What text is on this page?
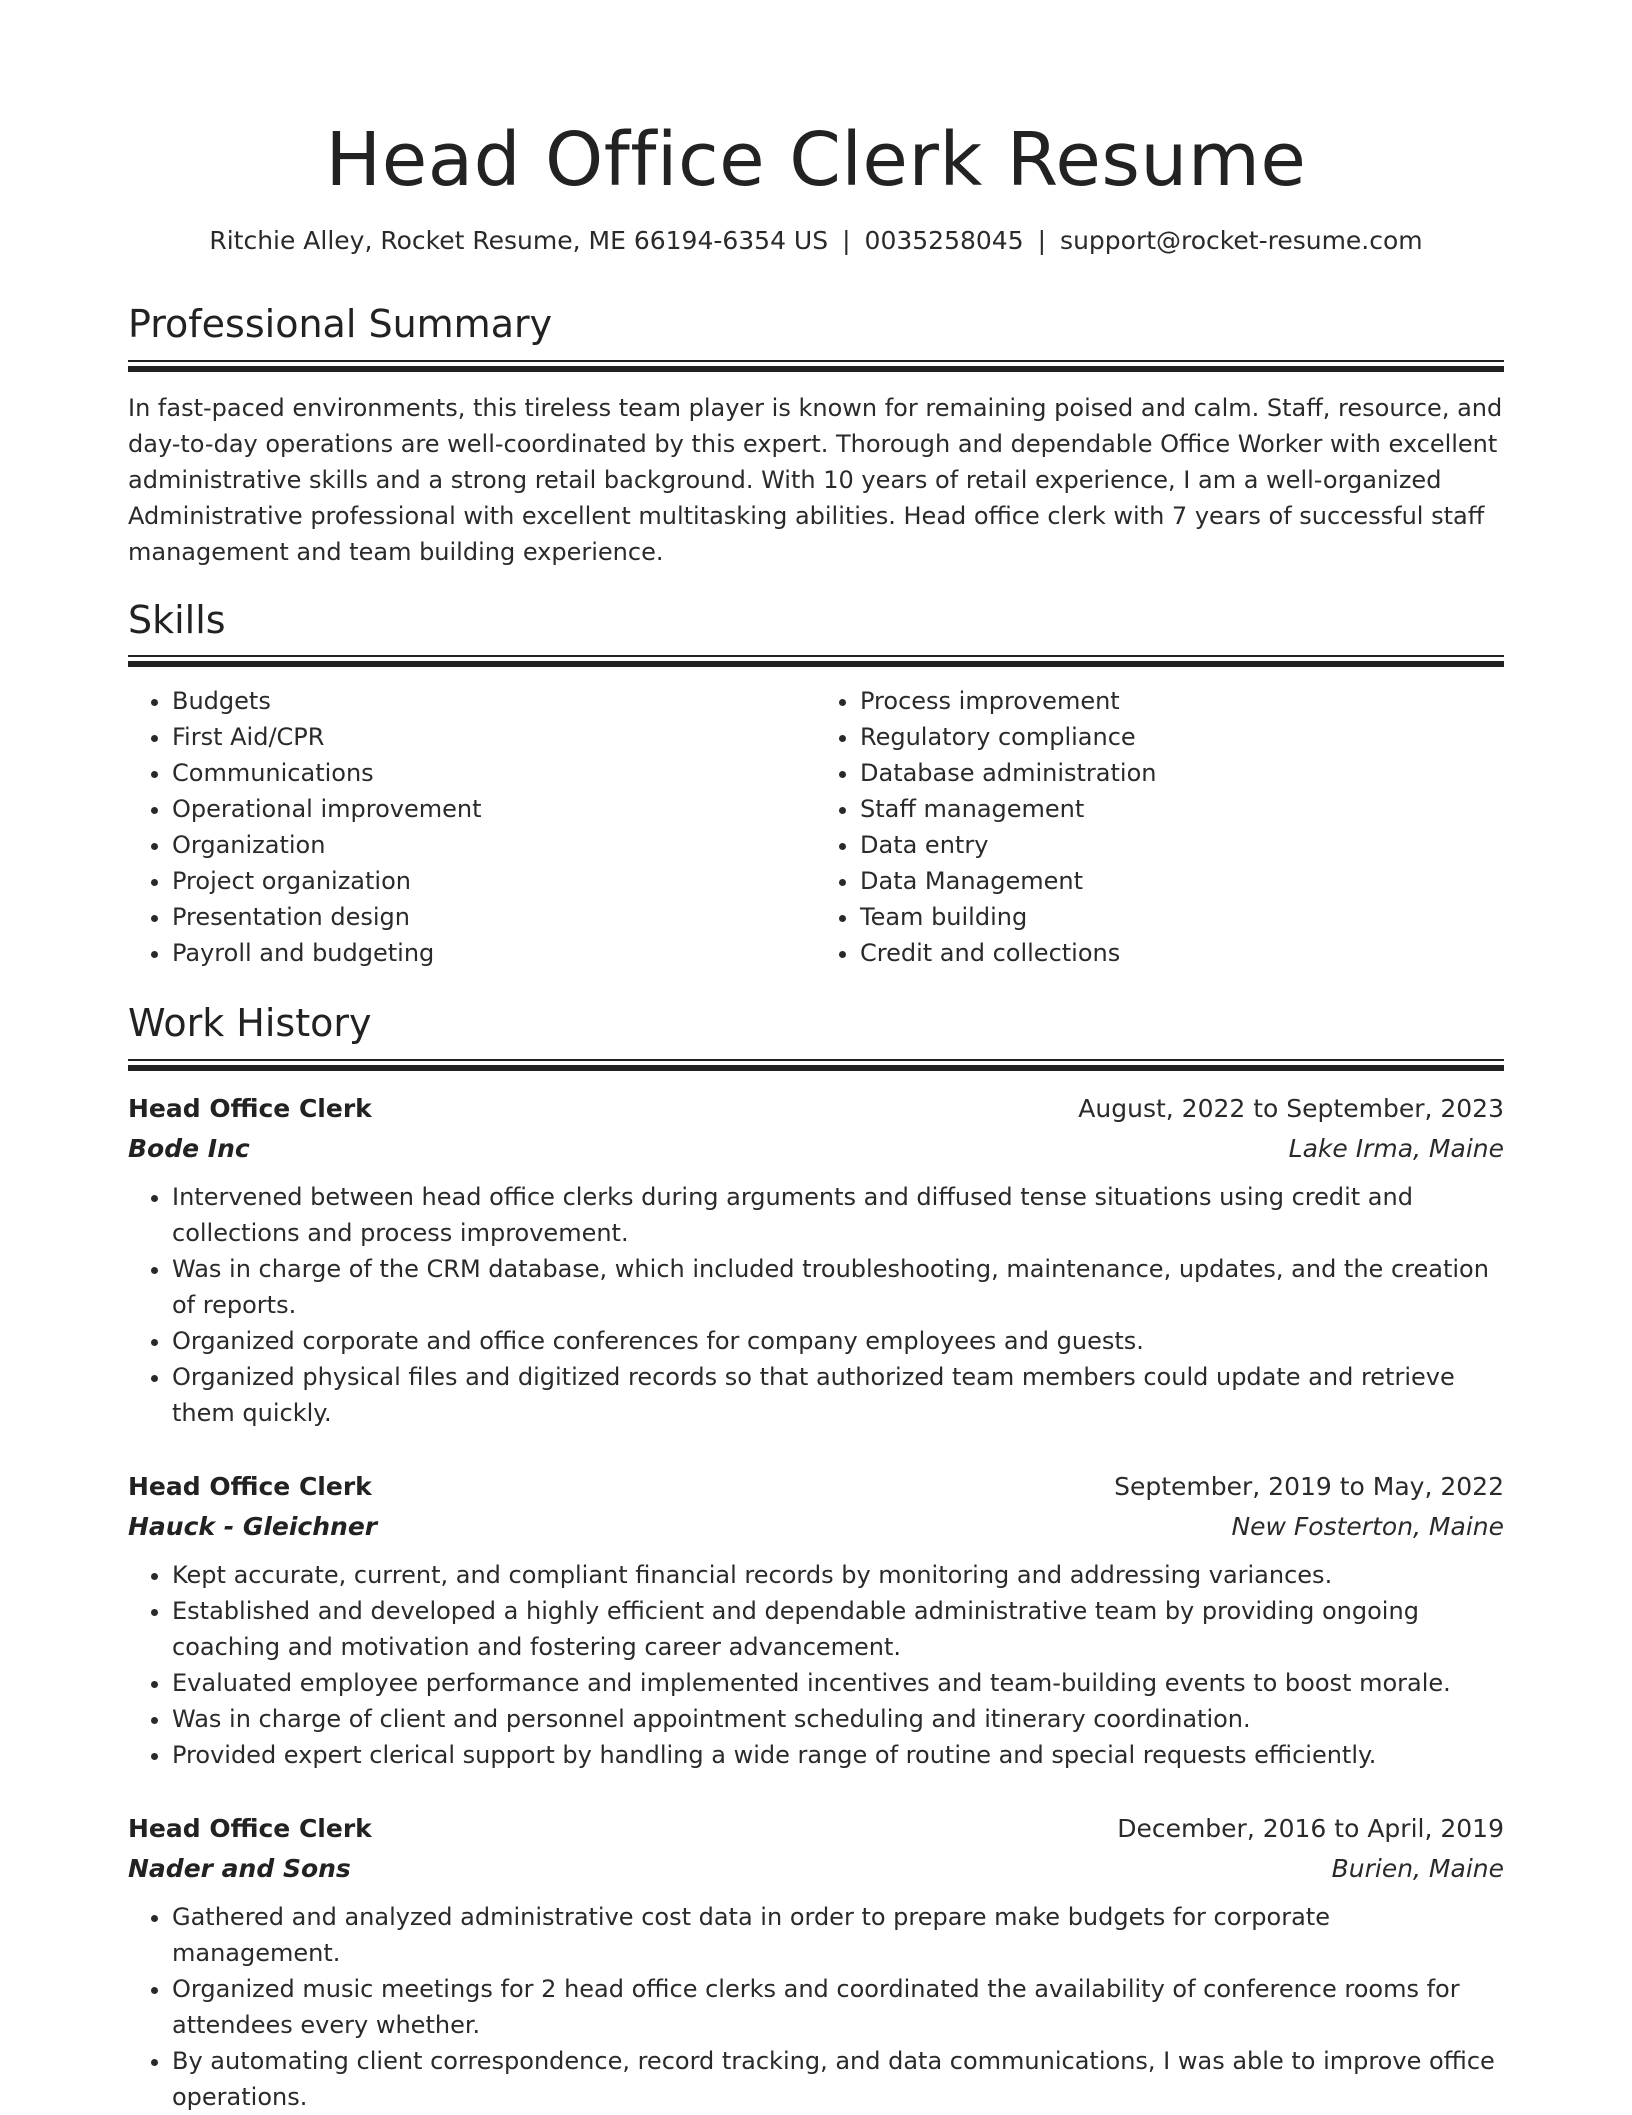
Head Office Clerk Resume
Ritchie Alley, Rocket Resume, ME 66194-6354 US | 0035258045 | support@rocket-resume.com
Professional Summary

In fast-paced environments, this tireless team player is known for remaining poised and calm. Staff, resource, and day-to-day operations are well-coordinated by this expert. Thorough and dependable Office Worker with excellent administrative skills and a strong retail background. With 10 years of retail experience, I am a well-organized Administrative professional with excellent multitasking abilities. Head office clerk with 7 years of successful staff management and team building experience.

Skills
• Budgets
• First Aid/CPR
• Communications
• Operational improvement
• Organization
• Project organization
• Presentation design
• Payroll and budgeting
• Process improvement
• Regulatory compliance
• Database administration
• Staff management
• Data entry
• Data Management
• Team building
• Credit and collections
Work History
Head Office Clerk	August, 2022 to September, 2023
Bode Inc	Lake Irma, Maine
• Intervened between head office clerks during arguments and diffused tense situations using credit and collections and process improvement.
• Was in charge of the CRM database, which included troubleshooting, maintenance, updates, and the creation of reports.
• Organized corporate and office conferences for company employees and guests.
• Organized physical files and digitized records so that authorized team members could update and retrieve them quickly.
Head Office Clerk	September, 2019 to May, 2022
Hauck - Gleichner	New Fosterton, Maine
• Kept accurate, current, and compliant financial records by monitoring and addressing variances.
• Established and developed a highly efficient and dependable administrative team by providing ongoing coaching and motivation and fostering career advancement.
• Evaluated employee performance and implemented incentives and team-building events to boost morale.
• Was in charge of client and personnel appointment scheduling and itinerary coordination.
• Provided expert clerical support by handling a wide range of routine and special requests efficiently.
Head Office Clerk	December, 2016 to April, 2019
Nader and Sons	Burien, Maine
• Gathered and analyzed administrative cost data in order to prepare make budgets for corporate management.
• Organized music meetings for 2 head office clerks and coordinated the availability of conference rooms for attendees every whether.
• By automating client correspondence, record tracking, and data communications, I was able to improve office operations.
